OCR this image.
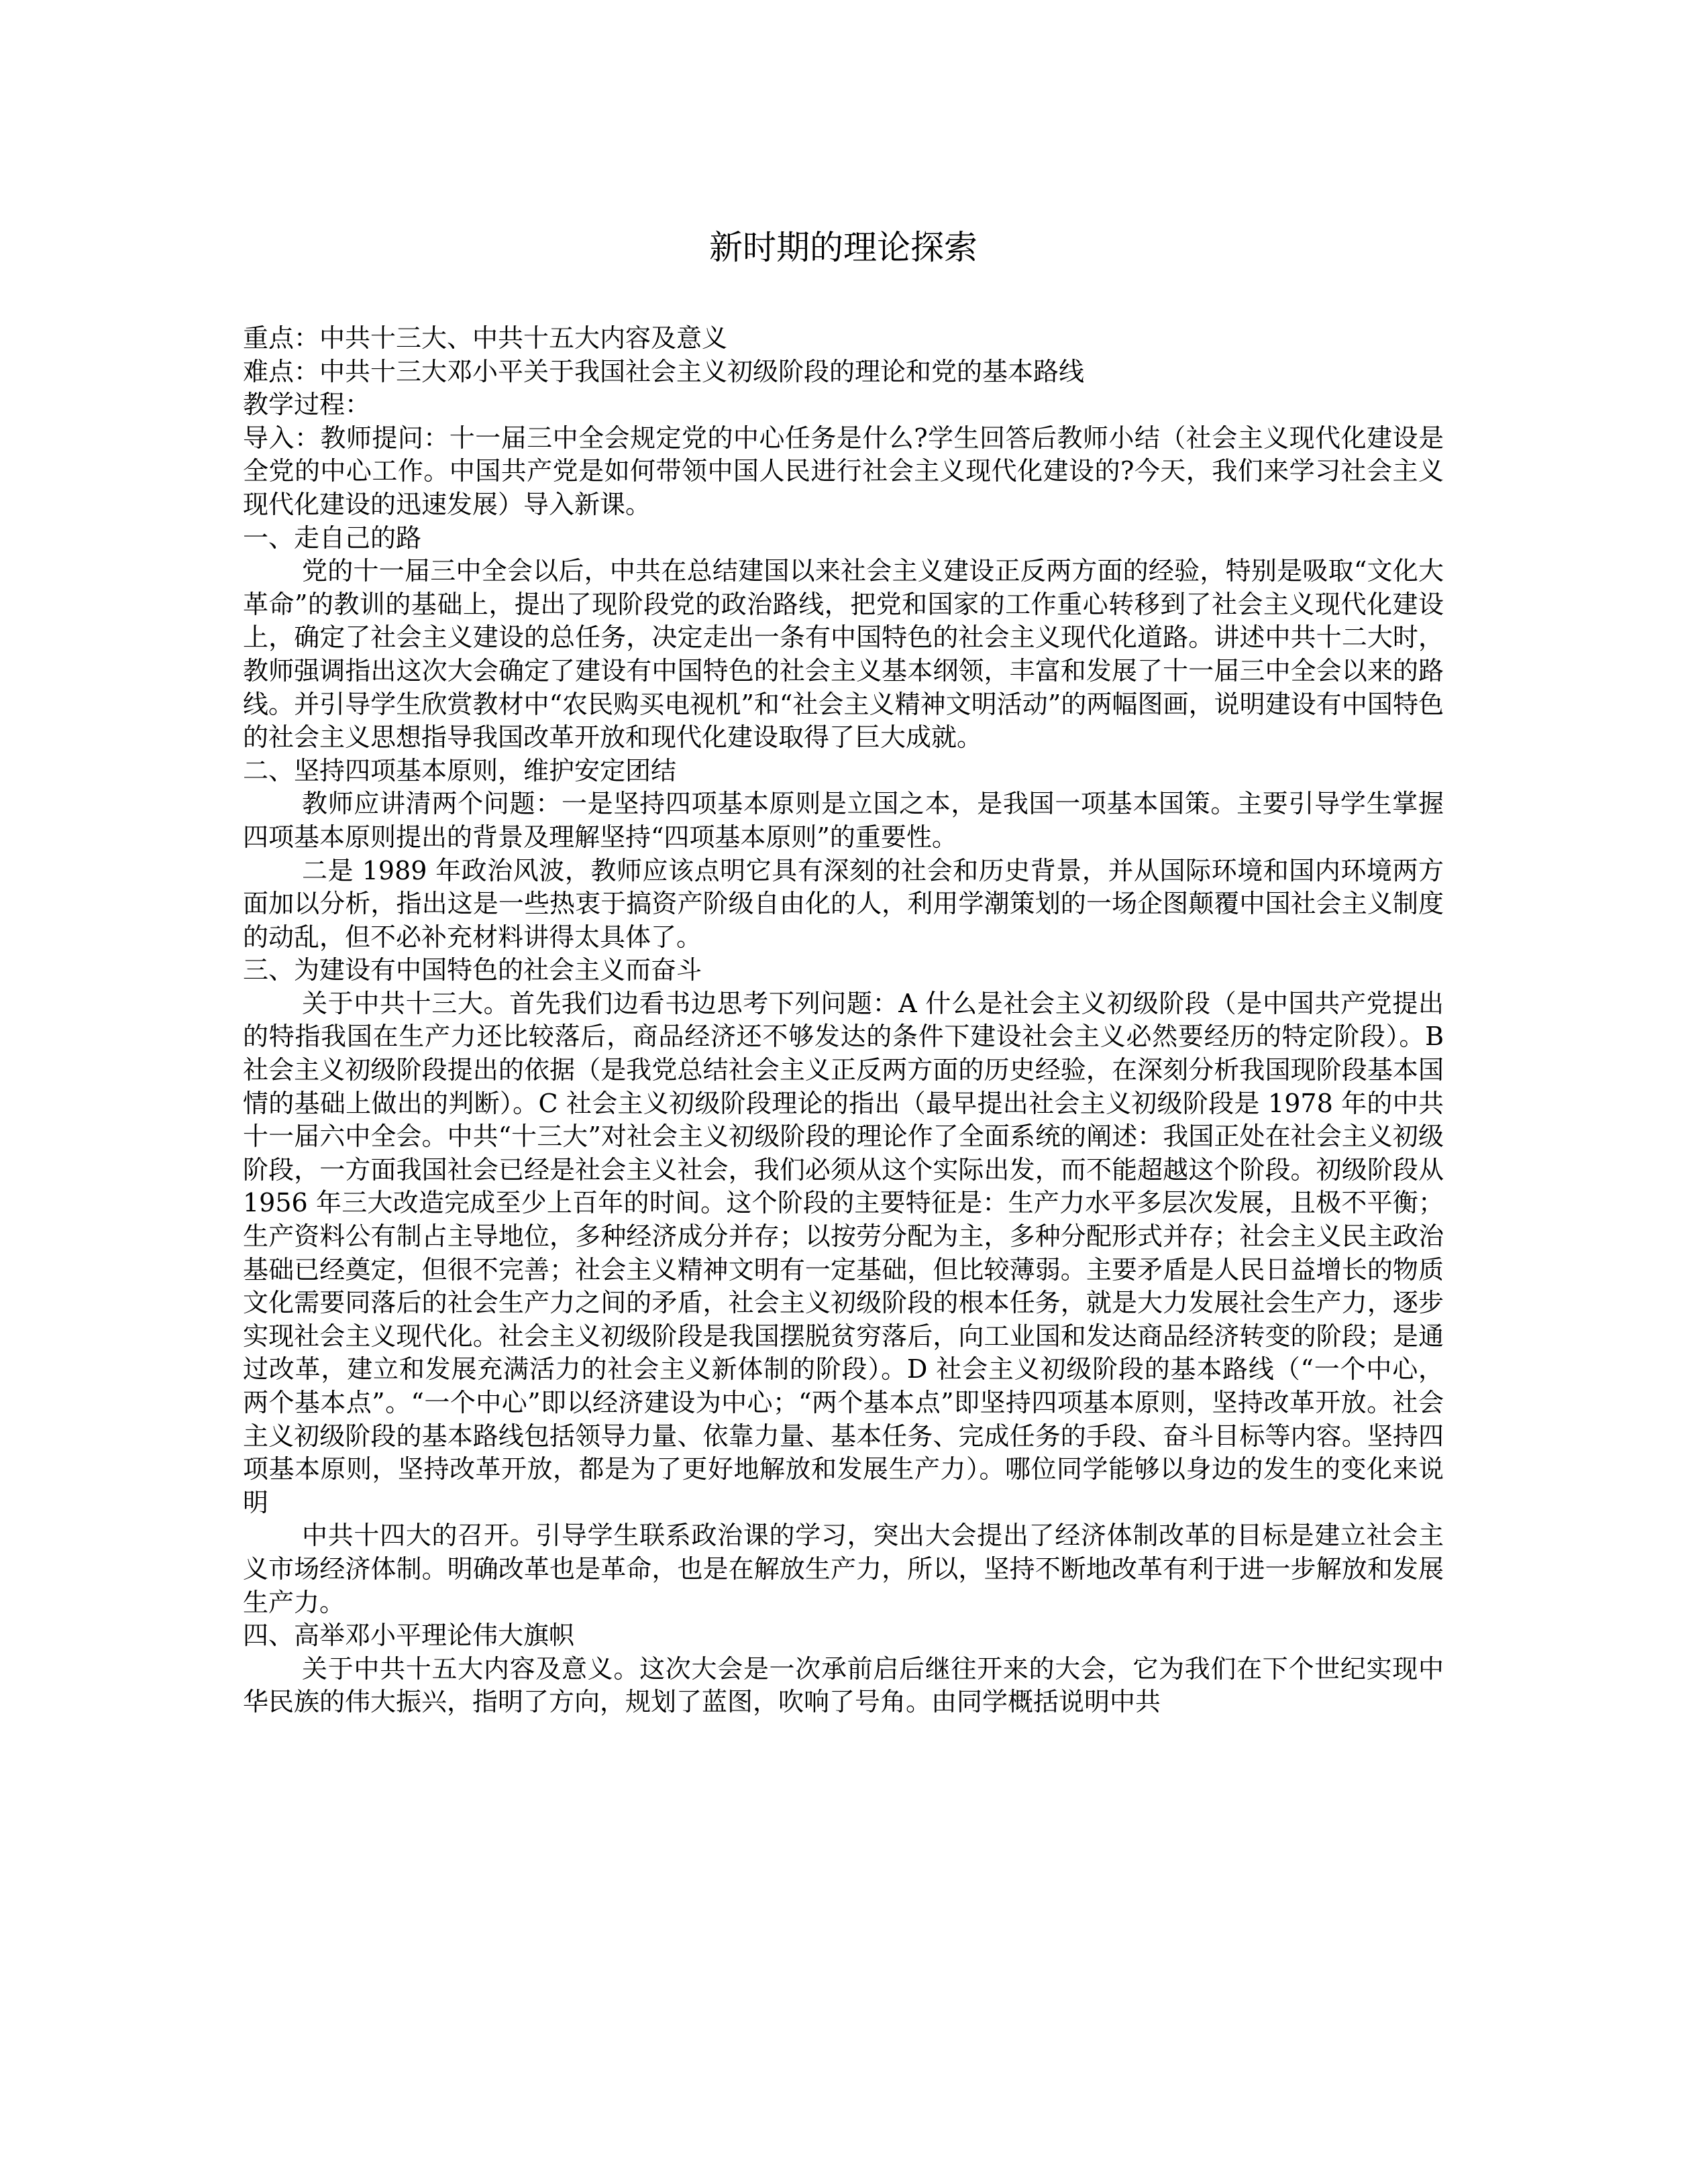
新时期的理论探索

重点：中共十三大、中共十五大内容及意义

难点：中共十三大邓小平关于我国社会主义初级阶段的理论和党的基本路线

教学过程：

导入：教师提问：十一届三中全会规定党的中心任务是什么?学生回答后教师小结（社会主义现代化建设是全党的中心工作。中国共产党是如何带领中国人民进行社会主义现代化建设的?今天，我们来学习社会主义现代化建设的迅速发展）导入新课。

一、走自己的路

党的十一届三中全会以后，中共在总结建国以来社会主义建设正反两方面的经验，特别是吸取“文化大革命”的教训的基础上，提出了现阶段党的政治路线，把党和国家的工作重心转移到了社会主义现代化建设上，确定了社会主义建设的总任务，决定走出一条有中国特色的社会主义现代化道路。讲述中共十二大时，教师强调指出这次大会确定了建设有中国特色的社会主义基本纲领，丰富和发展了十一届三中全会以来的路线。并引导学生欣赏教材中“农民购买电视机”和“社会主义精神文明活动”的两幅图画，说明建设有中国特色的社会主义思想指导我国改革开放和现代化建设取得了巨大成就。

二、坚持四项基本原则，维护安定团结

教师应讲清两个问题：一是坚持四项基本原则是立国之本，是我国一项基本国策。主要引导学生掌握四项基本原则提出的背景及理解坚持“四项基本原则”的重要性。

二是 1989 年政治风波，教师应该点明它具有深刻的社会和历史背景，并从国际环境和国内环境两方面加以分析，指出这是一些热衷于搞资产阶级自由化的人，利用学潮策划的一场企图颠覆中国社会主义制度的动乱，但不必补充材料讲得太具体了。

三、为建设有中国特色的社会主义而奋斗

关于中共十三大。首先我们边看书边思考下列问题：A 什么是社会主义初级阶段（是中国共产党提出的特指我国在生产力还比较落后，商品经济还不够发达的条件下建设社会主义必然要经历的特定阶段）。B 社会主义初级阶段提出的依据（是我党总结社会主义正反两方面的历史经验，在深刻分析我国现阶段基本国情的基础上做出的判断）。C 社会主义初级阶段理论的指出（最早提出社会主义初级阶段是 1978 年的中共十一届六中全会。中共“十三大”对社会主义初级阶段的理论作了全面系统的阐述：我国正处在社会主义初级阶段，一方面我国社会已经是社会主义社会，我们必须从这个实际出发，而不能超越这个阶段。初级阶段从 1956 年三大改造完成至少上百年的时间。这个阶段的主要特征是：生产力水平多层次发展，且极不平衡；生产资料公有制占主导地位，多种经济成分并存；以按劳分配为主，多种分配形式并存；社会主义民主政治基础已经奠定，但很不完善；社会主义精神文明有一定基础，但比较薄弱。主要矛盾是人民日益增长的物质文化需要同落后的社会生产力之间的矛盾，社会主义初级阶段的根本任务，就是大力发展社会生产力，逐步实现社会主义现代化。社会主义初级阶段是我国摆脱贫穷落后，向工业国和发达商品经济转变的阶段；是通过改革，建立和发展充满活力的社会主义新体制的阶段）。D 社会主义初级阶段的基本路线（“一个中心，两个基本点”。“一个中心”即以经济建设为中心；“两个基本点”即坚持四项基本原则，坚持改革开放。社会主义初级阶段的基本路线包括领导力量、依靠力量、基本任务、完成任务的手段、奋斗目标等内容。坚持四项基本原则，坚持改革开放，都是为了更好地解放和发展生产力）。哪位同学能够以身边的发生的变化来说明

中共十四大的召开。引导学生联系政治课的学习，突出大会提出了经济体制改革的目标是建立社会主义市场经济体制。明确改革也是革命，也是在解放生产力，所以，坚持不断地改革有利于进一步解放和发展生产力。

四、高举邓小平理论伟大旗帜

关于中共十五大内容及意义。这次大会是一次承前启后继往开来的大会，它为我们在下个世纪实现中华民族的伟大振兴，指明了方向，规划了蓝图，吹响了号角。由同学概括说明中共
